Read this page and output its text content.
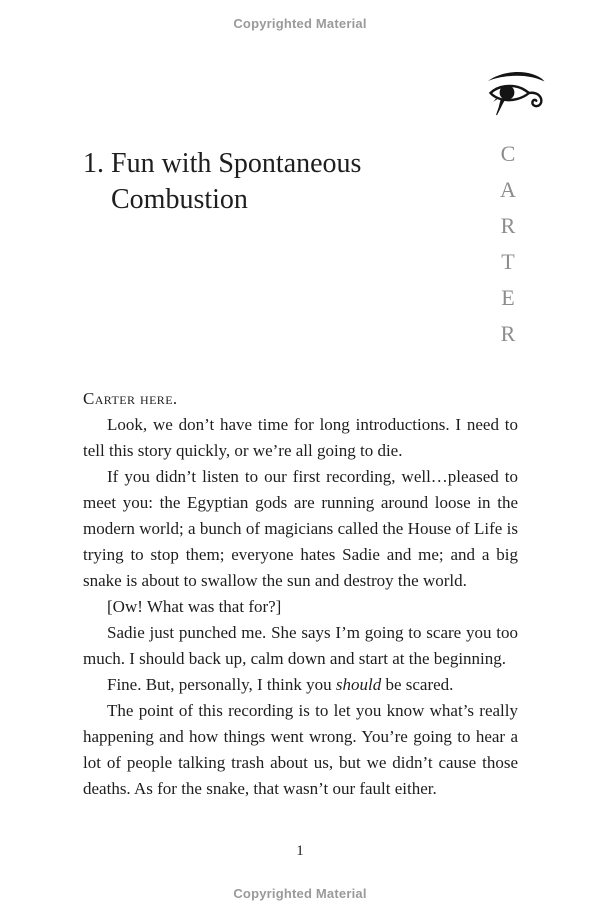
Copyrighted Material
1. Fun with Spontaneous
Combustion
C
A
R
T
E
R

Carter here.

Look, we don’t have time for long introductions. I need to tell this story quickly, or we’re all going to die.

If you didn’t listen to our first recording, well…pleased to meet you: the Egyptian gods are running around loose in the modern world; a bunch of magicians called the House of Life is trying to stop them; everyone hates Sadie and me; and a big snake is about to swallow the sun and destroy the world.

[Ow! What was that for?]

Sadie just punched me. She says I’m going to scare you too much. I should back up, calm down and start at the beginning.

Fine. But, personally, I think you should be scared.

The point of this recording is to let you know what’s really happening and how things went wrong. You’re going to hear a lot of people talking trash about us, but we didn’t cause those deaths. As for the snake, that wasn’t our fault either.

1
Copyrighted Material
